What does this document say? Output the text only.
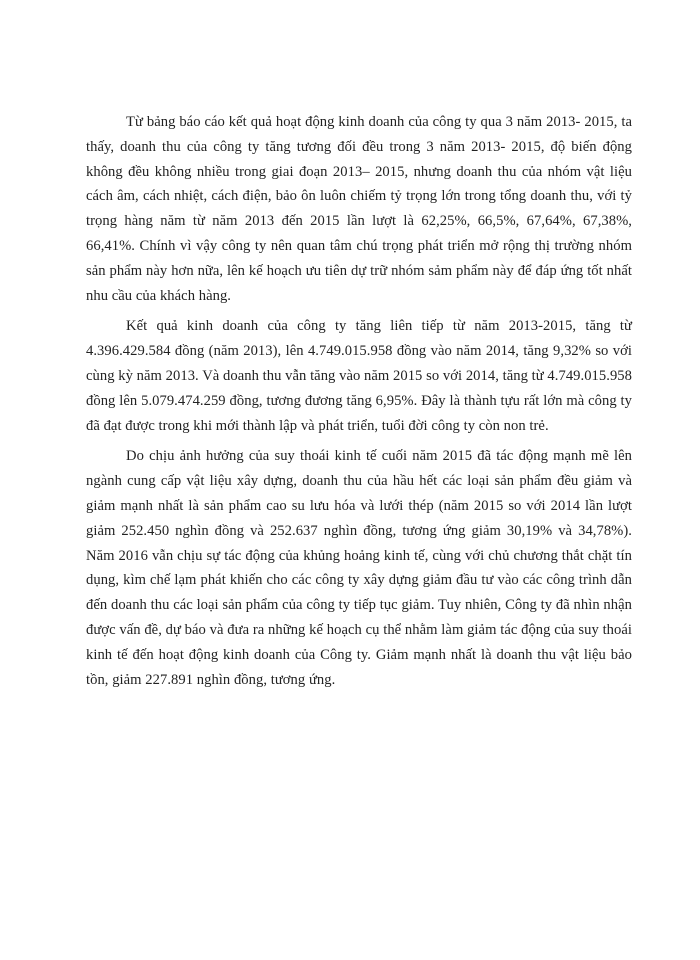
Từ bảng báo cáo kết quả hoạt động kinh doanh của công ty qua 3 năm 2013- 2015, ta thấy, doanh thu của công ty tăng tương đối đều trong 3 năm 2013- 2015, độ biến động không đều không nhiều trong giai đoạn 2013– 2015, nhưng doanh thu của nhóm vật liệu cách âm, cách nhiệt, cách điện, bảo ôn luôn chiếm tỷ trọng lớn trong tổng doanh thu, với tỷ trọng hàng năm từ năm 2013 đến 2015 lần lượt là 62,25%, 66,5%, 67,64%, 67,38%, 66,41%. Chính vì vậy công ty nên quan tâm chú trọng phát triển mở rộng thị trường nhóm sản phẩm này hơn nữa, lên kế hoạch ưu tiên dự trữ nhóm sảm phẩm này để đáp ứng tốt nhất nhu cầu của khách hàng.

Kết quả kinh doanh của công ty tăng liên tiếp từ năm 2013-2015, tăng từ 4.396.429.584 đồng (năm 2013), lên 4.749.015.958 đồng vào năm 2014, tăng 9,32% so với cùng kỳ năm 2013. Và doanh thu vẫn tăng vào năm 2015 so với 2014, tăng từ 4.749.015.958 đồng lên 5.079.474.259 đồng, tương đương tăng 6,95%. Đây là thành tựu rất lớn mà công ty đã đạt được trong khi mới thành lập và phát triển, tuổi đời công ty còn non trẻ.

Do chịu ảnh hưởng của suy thoái kinh tế cuối năm 2015 đã tác động mạnh mẽ lên ngành cung cấp vật liệu xây dựng, doanh thu của hầu hết các loại sản phẩm đều giảm và giảm mạnh nhất là sản phẩm cao su lưu hóa và lưới thép (năm 2015 so với 2014 lần lượt giảm 252.450 nghìn đồng và 252.637 nghìn đồng, tương ứng giảm 30,19% và 34,78%). Năm 2016 vẫn chịu sự tác động của khủng hoảng kinh tế, cùng với chủ chương thắt chặt tín dụng, kìm chế lạm phát khiến cho các công ty xây dựng giảm đầu tư vào các công trình dẫn đến doanh thu các loại sản phẩm của công ty tiếp tục giảm. Tuy nhiên, Công ty đã nhìn nhận được vấn đề, dự báo và đưa ra những kế hoạch cụ thể nhằm làm giảm tác động của suy thoái kinh tế đến hoạt động kinh doanh của Công ty. Giảm mạnh nhất là doanh thu vật liệu bảo tồn, giảm 227.891 nghìn đồng, tương ứng.
